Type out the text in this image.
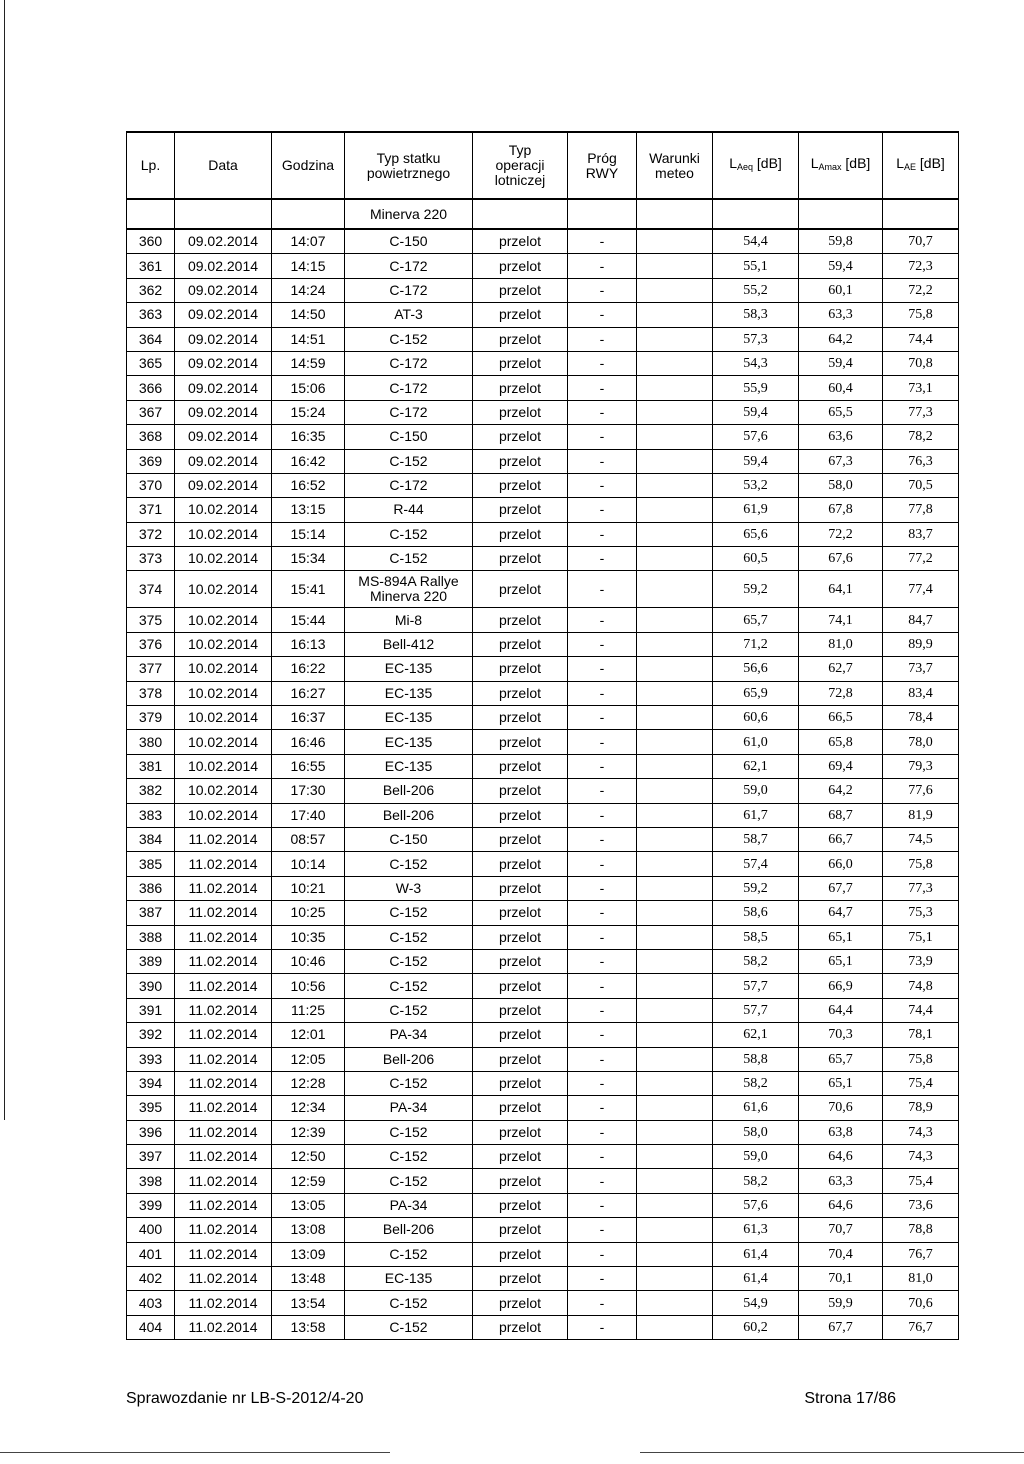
Lp.	Data	Godzina	Typ statku powietrznego	Typ operacji lotniczej	Próg RWY	Warunki meteo	$L_{Aeq}$ [dB]	$L_{Amax}$ [dB]	$L_{AE}$ [dB]
			Minerva 220						
360	09.02.2014	14:07	C-150	przelot	-		54,4	59,8	70,7
361	09.02.2014	14:15	C-172	przelot	-		55,1	59,4	72,3
362	09.02.2014	14:24	C-172	przelot	-		55,2	60,1	72,2
363	09.02.2014	14:50	AT-3	przelot	-		58,3	63,3	75,8
364	09.02.2014	14:51	C-152	przelot	-		57,3	64,2	74,4
365	09.02.2014	14:59	C-172	przelot	-		54,3	59,4	70,8
366	09.02.2014	15:06	C-172	przelot	-		55,9	60,4	73,1
367	09.02.2014	15:24	C-172	przelot	-		59,4	65,5	77,3
368	09.02.2014	16:35	C-150	przelot	-		57,6	63,6	78,2
369	09.02.2014	16:42	C-152	przelot	-		59,4	67,3	76,3
370	09.02.2014	16:52	C-172	przelot	-		53,2	58,0	70,5
371	10.02.2014	13:15	R-44	przelot	-		61,9	67,8	77,8
372	10.02.2014	15:14	C-152	przelot	-		65,6	72,2	83,7
373	10.02.2014	15:34	C-152	przelot	-		60,5	67,6	77,2
374	10.02.2014	15:41	MS-894A Rallye Minerva 220	przelot	-		59,2	64,1	77,4
375	10.02.2014	15:44	Mi-8	przelot	-		65,7	74,1	84,7
376	10.02.2014	16:13	Bell-412	przelot	-		71,2	81,0	89,9
377	10.02.2014	16:22	EC-135	przelot	-		56,6	62,7	73,7
378	10.02.2014	16:27	EC-135	przelot	-		65,9	72,8	83,4
379	10.02.2014	16:37	EC-135	przelot	-		60,6	66,5	78,4
380	10.02.2014	16:46	EC-135	przelot	-		61,0	65,8	78,0
381	10.02.2014	16:55	EC-135	przelot	-		62,1	69,4	79,3
382	10.02.2014	17:30	Bell-206	przelot	-		59,0	64,2	77,6
383	10.02.2014	17:40	Bell-206	przelot	-		61,7	68,7	81,9
384	11.02.2014	08:57	C-150	przelot	-		58,7	66,7	74,5
385	11.02.2014	10:14	C-152	przelot	-		57,4	66,0	75,8
386	11.02.2014	10:21	W-3	przelot	-		59,2	67,7	77,3
387	11.02.2014	10:25	C-152	przelot	-		58,6	64,7	75,3
388	11.02.2014	10:35	C-152	przelot	-		58,5	65,1	75,1
389	11.02.2014	10:46	C-152	przelot	-		58,2	65,1	73,9
390	11.02.2014	10:56	C-152	przelot	-		57,7	66,9	74,8
391	11.02.2014	11:25	C-152	przelot	-		57,7	64,4	74,4
392	11.02.2014	12:01	PA-34	przelot	-		62,1	70,3	78,1
393	11.02.2014	12:05	Bell-206	przelot	-		58,8	65,7	75,8
394	11.02.2014	12:28	C-152	przelot	-		58,2	65,1	75,4
395	11.02.2014	12:34	PA-34	przelot	-		61,6	70,6	78,9
396	11.02.2014	12:39	C-152	przelot	-		58,0	63,8	74,3
397	11.02.2014	12:50	C-152	przelot	-		59,0	64,6	74,3
398	11.02.2014	12:59	C-152	przelot	-		58,2	63,3	75,4
399	11.02.2014	13:05	PA-34	przelot	-		57,6	64,6	73,6
400	11.02.2014	13:08	Bell-206	przelot	-		61,3	70,7	78,8
401	11.02.2014	13:09	C-152	przelot	-		61,4	70,4	76,7
402	11.02.2014	13:48	EC-135	przelot	-		61,4	70,1	81,0
403	11.02.2014	13:54	C-152	przelot	-		54,9	59,9	70,6
404	11.02.2014	13:58	C-152	przelot	-		60,2	67,7	76,7
Sprawozdanie nr LB-S-2012/4-20	Strona 17/86
